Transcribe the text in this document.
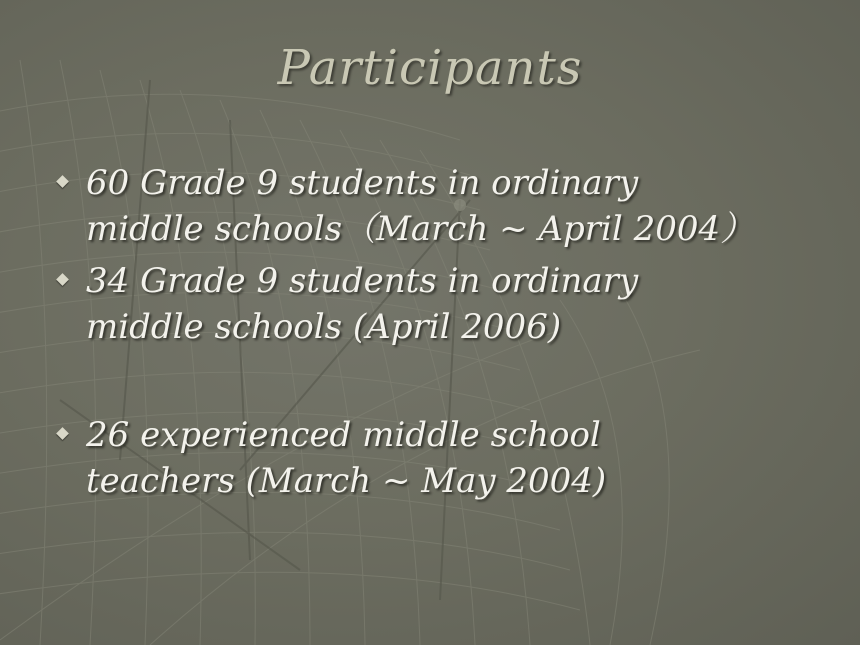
Participants
60 Grade 9 students in ordinary
middle schools（March ~ April 2004）
34 Grade 9 students in ordinary
middle schools (April 2006)
26 experienced middle school
teachers (March ~ May 2004)
